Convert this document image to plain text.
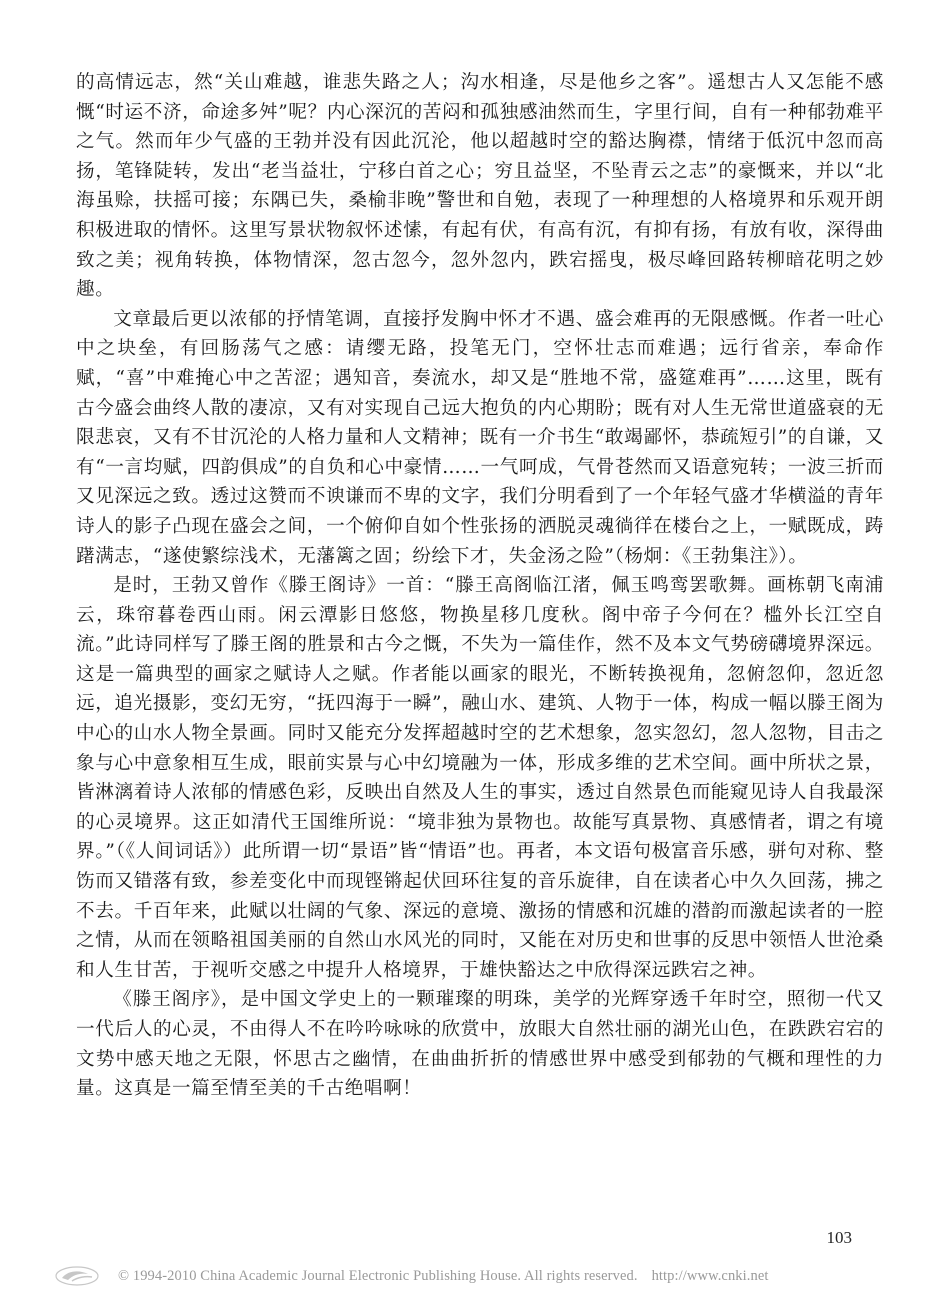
的高情远志，然“关山难越，谁悲失路之人；沟水相逢，尽是他乡之客”。遥想古人又怎能不感慨“时运不济，命途多舛”呢？内心深沉的苦闷和孤独感油然而生，字里行间，自有一种郁勃难平之气。然而年少气盛的王勃并没有因此沉沦，他以超越时空的豁达胸襟，情绪于低沉中忽而高扬，笔锋陡转，发出“老当益壮，宁移白首之心；穷且益坚，不坠青云之志”的豪慨来，并以“北海虽赊，扶摇可接；东隅已失，桑榆非晚”警世和自勉，表现了一种理想的人格境界和乐观开朗积极进取的情怀。这里写景状物叙怀述愫，有起有伏，有高有沉，有抑有扬，有放有收，深得曲致之美；视角转换，体物情深，忽古忽今，忽外忽内，跌宕摇曳，极尽峰回路转柳暗花明之妙趣。

文章最后更以浓郁的抒情笔调，直接抒发胸中怀才不遇、盛会难再的无限感慨。作者一吐心中之块垒，有回肠荡气之感：请缨无路，投笔无门，空怀壮志而难遇；远行省亲，奉命作赋，“喜”中难掩心中之苦涩；遇知音，奏流水，却又是“胜地不常，盛筵难再”……这里，既有古今盛会曲终人散的凄凉，又有对实现自己远大抱负的内心期盼；既有对人生无常世道盛衰的无限悲哀，又有不甘沉沦的人格力量和人文精神；既有一介书生“敢竭鄙怀，恭疏短引”的自谦，又有“一言均赋，四韵俱成”的自负和心中豪情……一气呵成，气骨苍然而又语意宛转；一波三折而又见深远之致。透过这赞而不谀谦而不卑的文字，我们分明看到了一个年轻气盛才华横溢的青年诗人的影子凸现在盛会之间，一个俯仰自如个性张扬的洒脱灵魂徜徉在楼台之上，一赋既成，踌躇满志，“遂使繁综浅术，无藩篱之固；纷绘下才，失金汤之险”（杨炯：《王勃集注》）。

是时，王勃又曾作《滕王阁诗》一首：“滕王高阁临江渚，佩玉鸣鸾罢歌舞。画栋朝飞南浦云，珠帘暮卷西山雨。闲云潭影日悠悠，物换星移几度秋。阁中帝子今何在？槛外长江空自流。”此诗同样写了滕王阁的胜景和古今之慨，不失为一篇佳作，然不及本文气势磅礴境界深远。这是一篇典型的画家之赋诗人之赋。作者能以画家的眼光，不断转换视角，忽俯忽仰，忽近忽远，追光摄影，变幻无穷，“抚四海于一瞬”，融山水、建筑、人物于一体，构成一幅以滕王阁为中心的山水人物全景画。同时又能充分发挥超越时空的艺术想象，忽实忽幻，忽人忽物，目击之象与心中意象相互生成，眼前实景与心中幻境融为一体，形成多维的艺术空间。画中所状之景，皆淋漓着诗人浓郁的情感色彩，反映出自然及人生的事实，透过自然景色而能窥见诗人自我最深的心灵境界。这正如清代王国维所说：“境非独为景物也。故能写真景物、真感情者，谓之有境界。”（《人间词话》）此所谓一切“景语”皆“情语”也。再者，本文语句极富音乐感，骈句对称、整饬而又错落有致，参差变化中而现铿锵起伏回环往复的音乐旋律，自在读者心中久久回荡，拂之不去。千百年来，此赋以壮阔的气象、深远的意境、激扬的情感和沉雄的潜韵而激起读者的一腔之情，从而在领略祖国美丽的自然山水风光的同时，又能在对历史和世事的反思中领悟人世沧桑和人生甘苦，于视听交感之中提升人格境界，于雄快豁达之中欣得深远跌宕之神。

《滕王阁序》，是中国文学史上的一颗璀璨的明珠，美学的光辉穿透千年时空，照彻一代又一代后人的心灵，不由得人不在吟吟咏咏的欣赏中，放眼大自然壮丽的湖光山色，在跌跌宕宕的文势中感天地之无限，怀思古之幽情，在曲曲折折的情感世界中感受到郁勃的气概和理性的力量。这真是一篇至情至美的千古绝唱啊！

103
© 1994-2010 China Academic Journal Electronic Publishing House. All rights reserved. http://www.cnki.net
